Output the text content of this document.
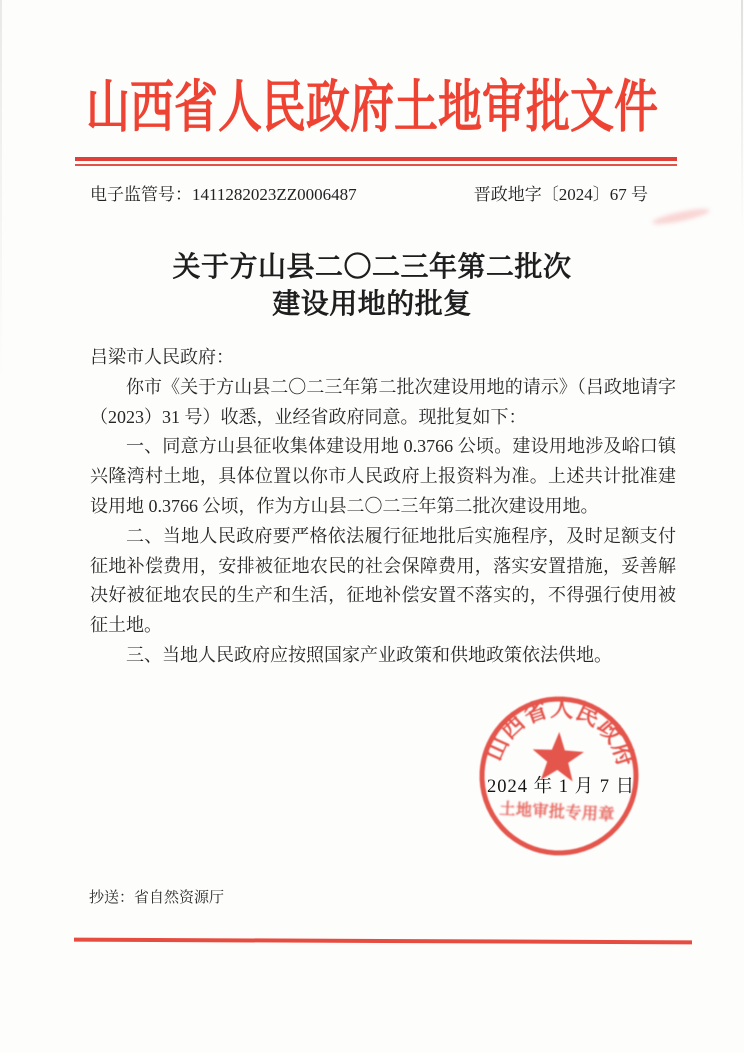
山西省人民政府土地审批文件
电子监管号：1411282023ZZ0006487	晋政地字〔2024〕67 号
关于方山县二〇二三年第二批次
建设用地的批复

吕梁市人民政府：

你市《关于方山县二〇二三年第二批次建设用地的请示》（吕政地请字（2023）31 号）收悉，业经省政府同意。现批复如下：

一、同意方山县征收集体建设用地 0.3766 公顷。建设用地涉及峪口镇兴隆湾村土地，具体位置以你市人民政府上报资料为准。上述共计批准建设用地 0.3766 公顷，作为方山县二〇二三年第二批次建设用地。

二、当地人民政府要严格依法履行征地批后实施程序，及时足额支付征地补偿费用，安排被征地农民的社会保障费用，落实安置措施，妥善解决好被征地农民的生产和生活，征地补偿安置不落实的，不得强行使用被征土地。

三、当地人民政府应按照国家产业政策和供地政策依法供地。

2024 年 1 月 7 日
山西省人民政府
土地审批专用章
抄送：省自然资源厅
